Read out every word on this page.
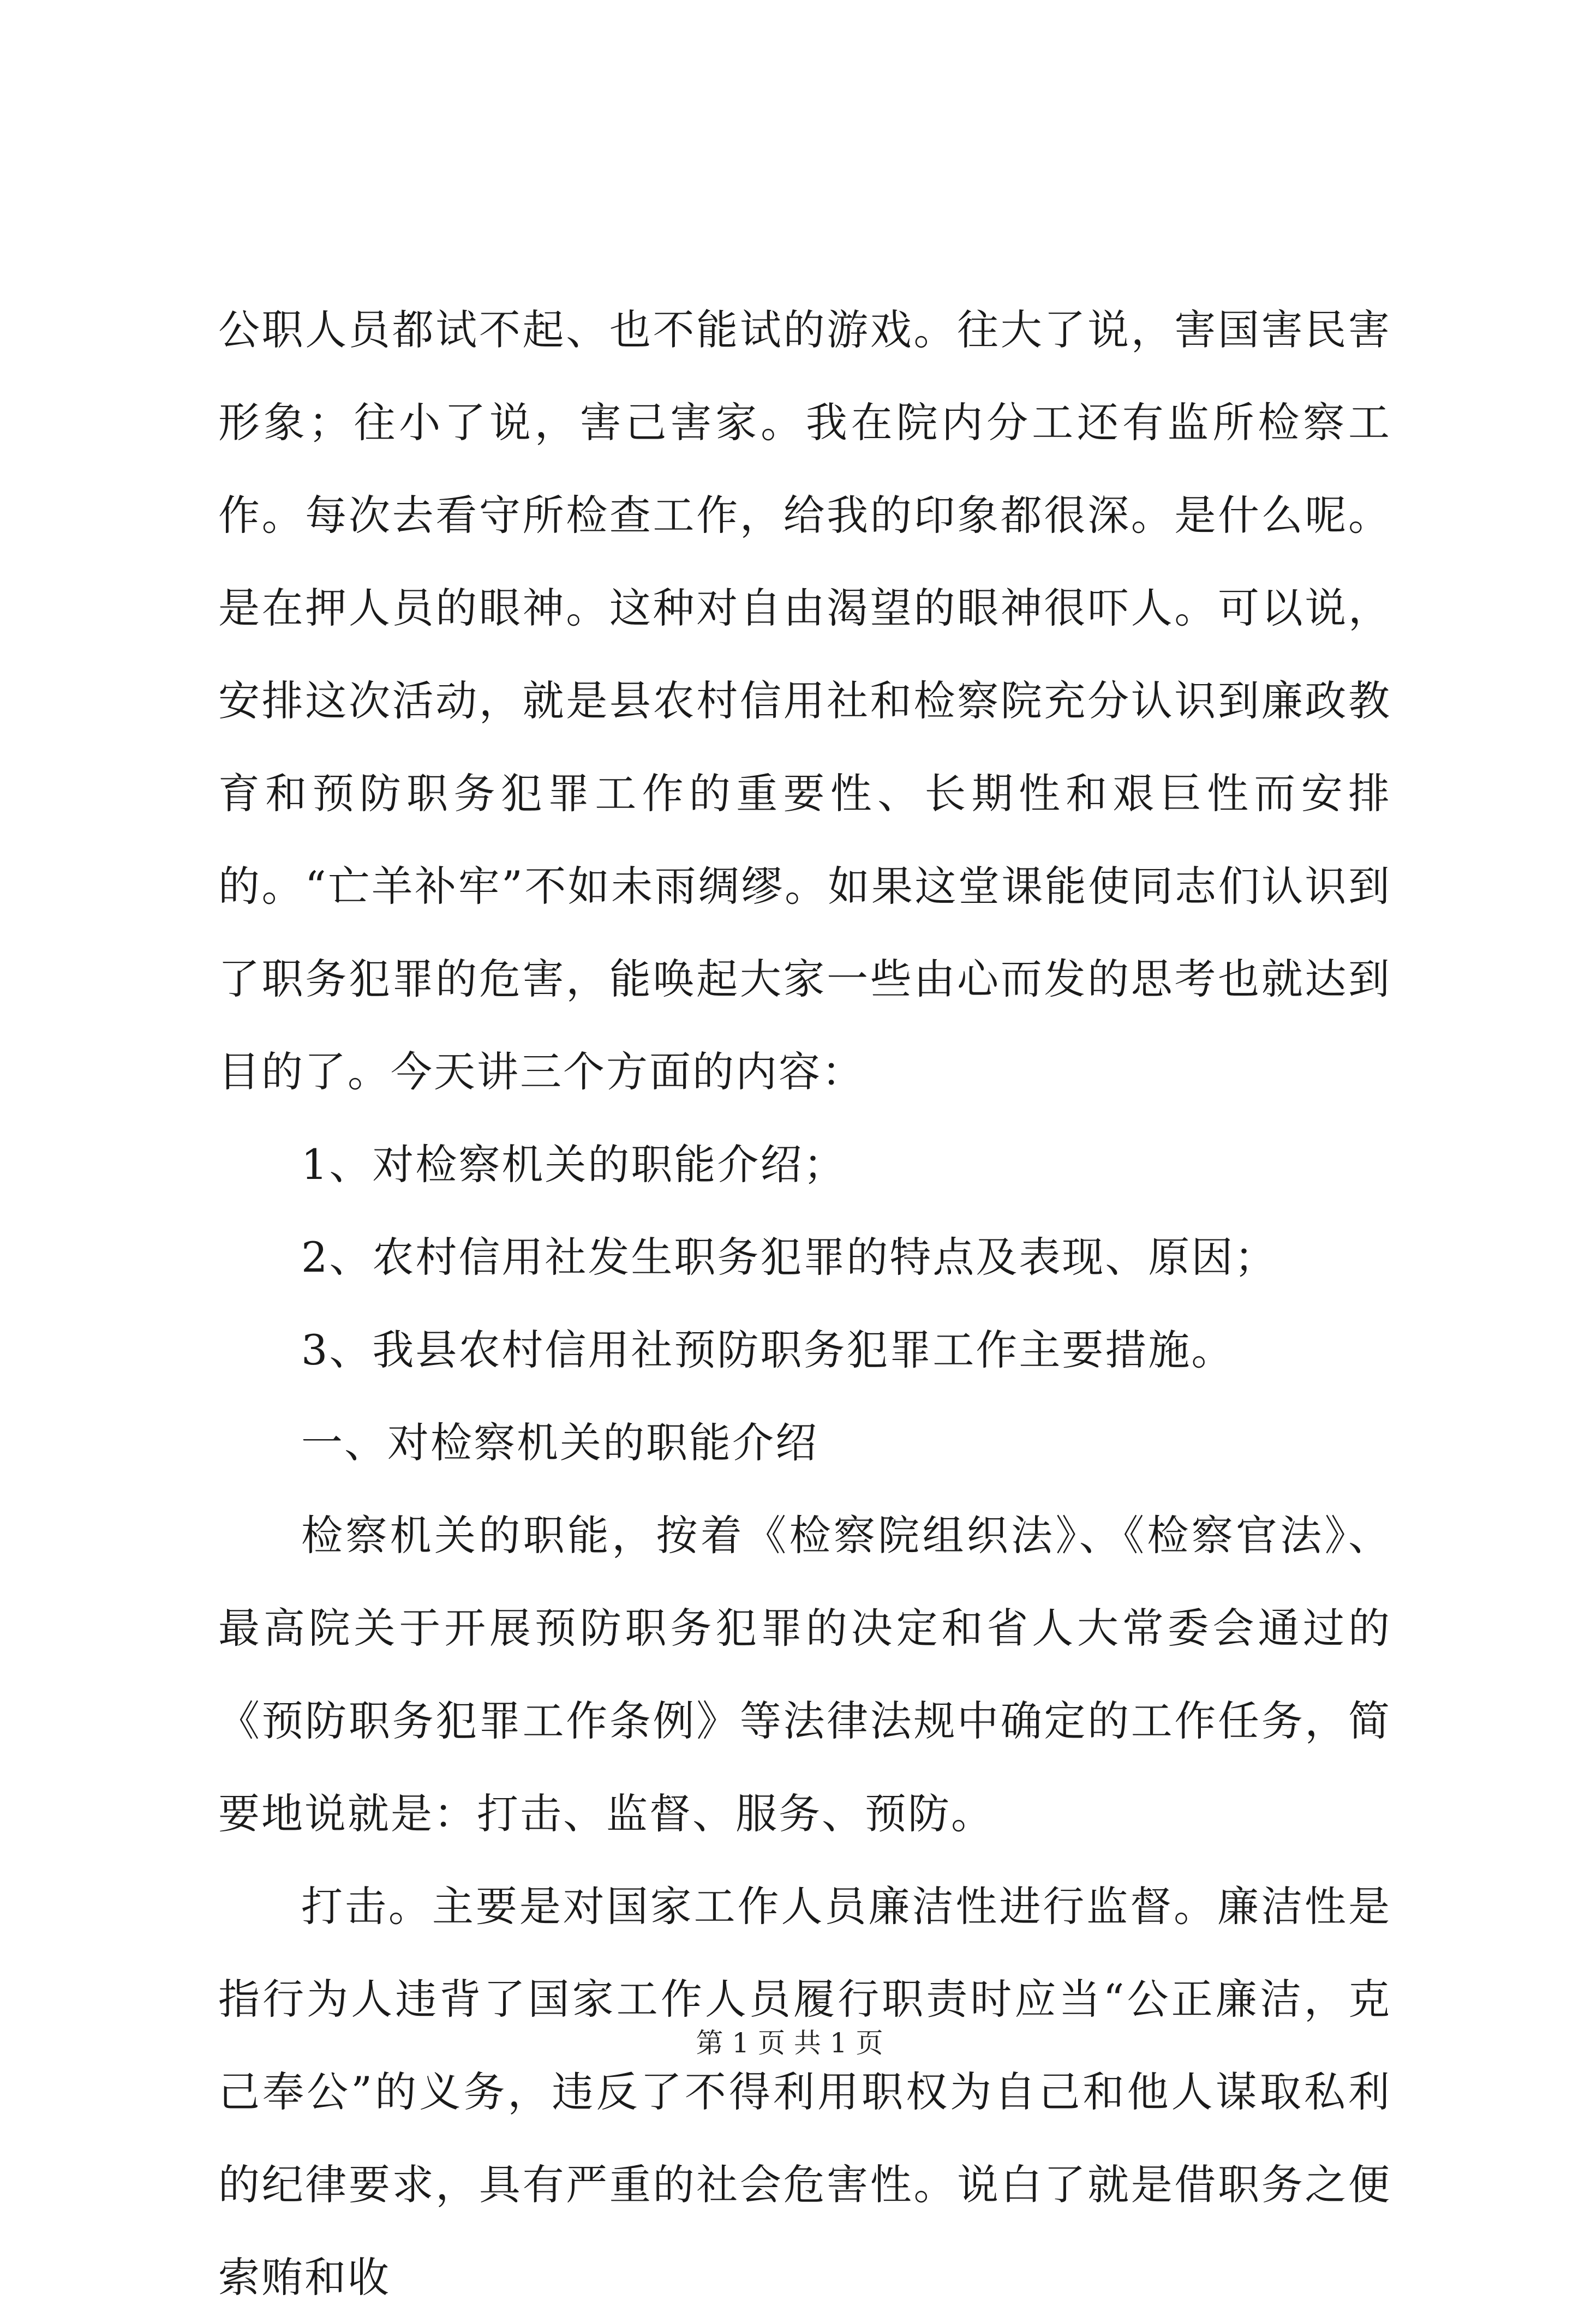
公职人员都试不起、也不能试的游戏。往大了说，害国害民害形象；往小了说，害己害家。我在院内分工还有监所检察工作。每次去看守所检查工作，给我的印象都很深。是什么呢。是在押人员的眼神。这种对自由渴望的眼神很吓人。可以说，安排这次活动，就是县农村信用社和检察院充分认识到廉政教育和预防职务犯罪工作的重要性、长期性和艰巨性而安排的。“亡羊补牢”不如未雨绸缪。如果这堂课能使同志们认识到了职务犯罪的危害，能唤起大家一些由心而发的思考也就达到目的了。今天讲三个方面的内容：

1、对检察机关的职能介绍；

2、农村信用社发生职务犯罪的特点及表现、原因；

3、我县农村信用社预防职务犯罪工作主要措施。

一、对检察机关的职能介绍

检察机关的职能，按着《检察院组织法》、《检察官法》、最高院关于开展预防职务犯罪的决定和省人大常委会通过的《预防职务犯罪工作条例》等法律法规中确定的工作任务，简要地说就是：打击、监督、服务、预防。

打击。主要是对国家工作人员廉洁性进行监督。廉洁性是指行为人违背了国家工作人员履行职责时应当“公正廉洁，克己奉公”的义务，违反了不得利用职权为自己和他人谋取私利的纪律要求，具有严重的社会危害性。说白了就是借职务之便索贿和收

第 1 页 共 1 页
